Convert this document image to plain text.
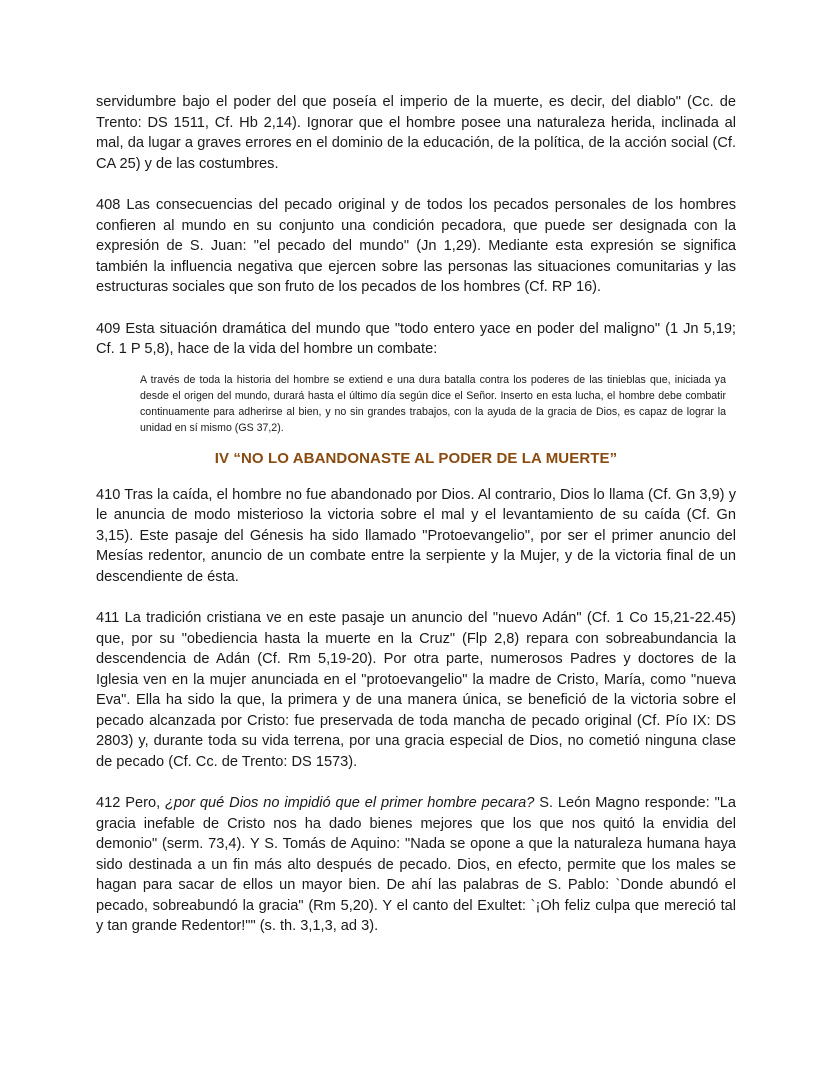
servidumbre bajo el poder del que poseía el imperio de la muerte, es decir, del diablo" (Cc. de Trento: DS 1511, Cf. Hb 2,14). Ignorar que el hombre posee una naturaleza herida, inclinada al mal, da lugar a graves errores en el dominio de la educación, de la política, de la acción social (Cf. CA 25) y de las costumbres.

408 Las consecuencias del pecado original y de todos los pecados personales de los hombres confieren al mundo en su conjunto una condición pecadora, que puede ser designada con la expresión de S. Juan: "el pecado del mundo" (Jn 1,29). Mediante esta expresión se significa también la influencia negativa que ejercen sobre las personas las situaciones comunitarias y las estructuras sociales que son fruto de los pecados de los hombres (Cf. RP 16).

409 Esta situación dramática del mundo que "todo entero yace en poder del maligno" (1 Jn 5,19; Cf. 1 P 5,8), hace de la vida del hombre un combate:

A través de toda la historia del hombre se extiend e una dura batalla contra los poderes de las tinieblas que, iniciada ya desde el origen del mundo, durará hasta el último día según dice el Señor. Inserto en esta lucha, el hombre debe combatir continuamente para adherirse al bien, y no sin grandes trabajos, con la ayuda de la gracia de Dios, es capaz de lograr la unidad en sí mismo (GS 37,2).

IV “NO LO ABANDONASTE AL PODER DE LA MUERTE”

410 Tras la caída, el hombre no fue abandonado por Dios. Al contrario, Dios lo llama (Cf. Gn 3,9) y le anuncia de modo misterioso la victoria sobre el mal y el levantamiento de su caída (Cf. Gn 3,15). Este pasaje del Génesis ha sido llamado "Protoevangelio", por ser el primer anuncio del Mesías redentor, anuncio de un combate entre la serpiente y la Mujer, y de la victoria final de un descendiente de ésta.

411 La tradición cristiana ve en este pasaje un anuncio del "nuevo Adán" (Cf. 1 Co 15,21-22.45) que, por su "obediencia hasta la muerte en la Cruz" (Flp 2,8) repara con sobreabundancia la descendencia de Adán (Cf. Rm 5,19-20). Por otra parte, numerosos Padres y doctores de la Iglesia ven en la mujer anunciada en el "protoevangelio" la madre de Cristo, María, como "nueva Eva". Ella ha sido la que, la primera y de una manera única, se benefició de la victoria sobre el pecado alcanzada por Cristo: fue preservada de toda mancha de pecado original (Cf. Pío IX: DS 2803) y, durante toda su vida terrena, por una gracia especial de Dios, no cometió ninguna clase de pecado (Cf. Cc. de Trento: DS 1573).

412 Pero, ¿por qué Dios no impidió que el primer hombre pecara? S. León Magno responde: "La gracia inefable de Cristo nos ha dado bienes mejores que los que nos quitó la envidia del demonio" (serm. 73,4). Y S. Tomás de Aquino: "Nada se opone a que la naturaleza humana haya sido destinada a un fin más alto después de pecado. Dios, en efecto, permite que los males se hagan para sacar de ellos un mayor bien. De ahí las palabras de S. Pablo: `Donde abundó el pecado, sobreabundó la gracia" (Rm 5,20). Y el canto del Exultet: `¡Oh feliz culpa que mereció tal y tan grande Redentor!"" (s. th. 3,1,3, ad 3).
